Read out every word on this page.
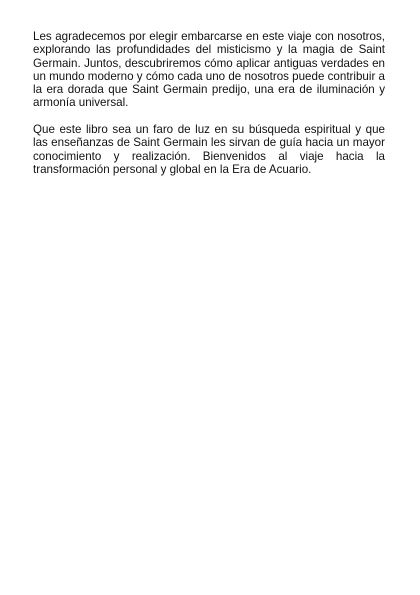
Les agradecemos por elegir embarcarse en este viaje con nosotros, explorando las profundidades del misticismo y la magia de Saint Germain. Juntos, descubriremos cómo aplicar antiguas verdades en un mundo moderno y cómo cada uno de nosotros puede contribuir a la era dorada que Saint Germain predijo, una era de iluminación y armonía universal.

Que este libro sea un faro de luz en su búsqueda espiritual y que las enseñanzas de Saint Germain les sirvan de guía hacia un mayor conocimiento y realización. Bienvenidos al viaje hacia la transformación personal y global en la Era de Acuario.
